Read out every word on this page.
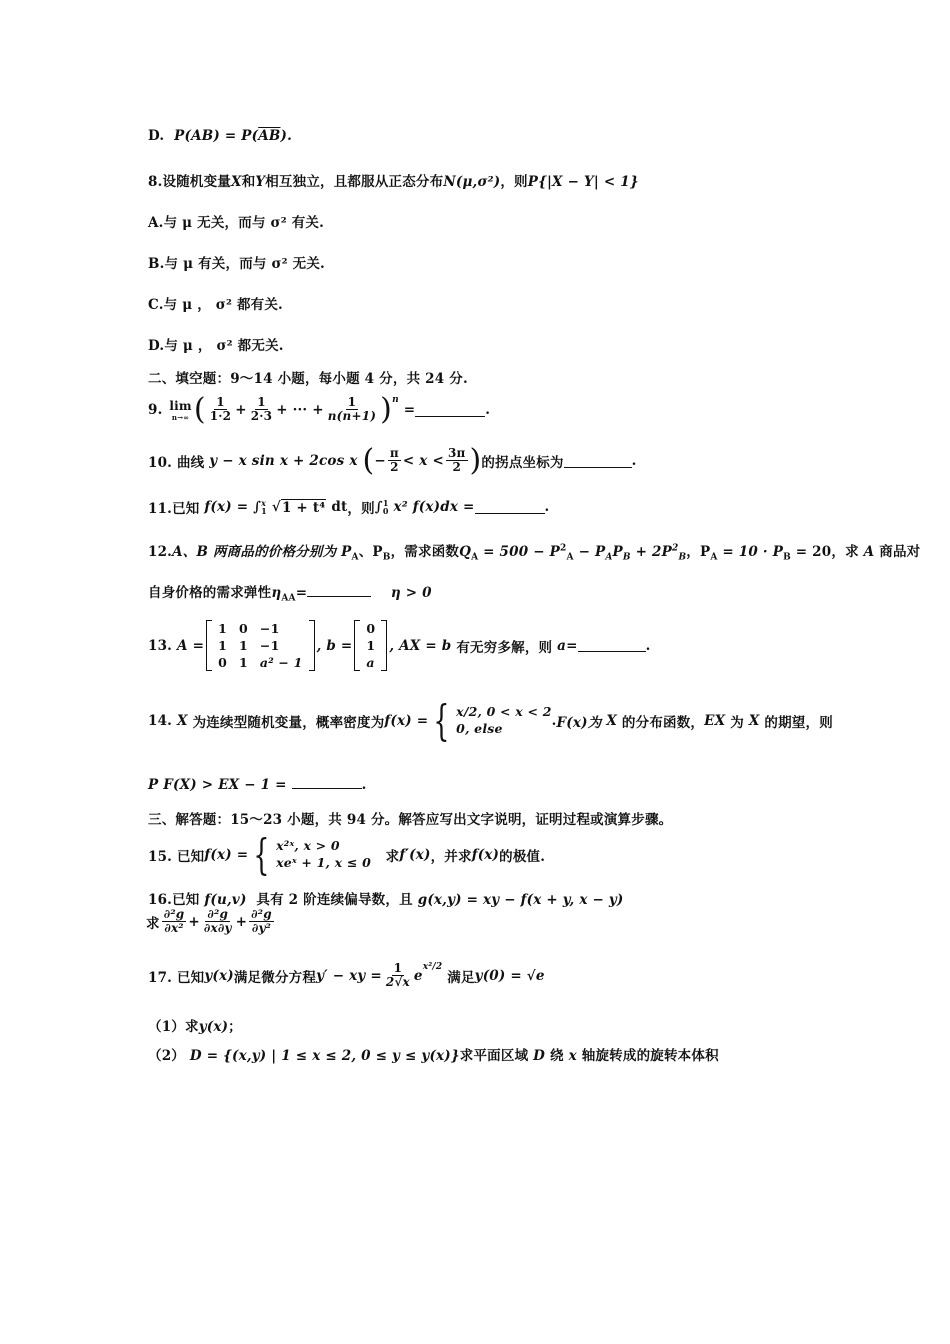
D.  $P(AB) = P(\overline{AB})$.
8.设随机变量X和Y相互独立，且都服从正态分布N(μ,σ²)，则P{|X − Y| < 1}
A.与 μ 无关，而与 σ² 有关.
B.与 μ 有关，而与 σ² 无关.
C.与 μ ， σ² 都有关.
D.与 μ ， σ² 都无关.
二、填空题：9～14 小题，每小题 4 分，共 24 分.
9.
lim
n→∞ ( $\frac{1}{1\cdot 2} + \frac{1}{2\cdot 3}$ + ··· + $\frac{1}{n(n+1)} )^n$

=	.
10. 曲线
y − x sin x + 2cos x
( − $\frac{\pi}{2} < x < \frac{3\pi}{2}$ ) 的拐点坐标为	.
11.已知
f(x) = ∫ x
1 √ 1 + t⁴
dt ，则 ∫ 1
0
x² f(x)dx =	.
12.A、B 两商品的价格分别为 $P_A$、$P_B$，需求函数$Q_A = 500 - P^2_A - P_AP_B + 2P^2_B$，$P_A = 10 \cdot P_B = 20$，求 A 商品对
自身价格的需求弹性$\eta_{AA}=$	η > 0
13.
A =
1	0	−1
1	1	−1
0	1	a² − 1
, b =
0
1
a
, AX = b
有无穷多解，则
a=	.
14.
X
为连续型随机变量，概率密度为 f(x) = { x/2, 0 < x < 2
0, else	. F(x)为
X
的分布函数， EX
为
X
的期望，则
P F(X) > EX − 1 =	.
三、解答题：15～23 小题，共 94 分。解答应写出文字说明，证明过程或演算步骤。
15. 已知 f(x) = { x²ˣ, x > 0
xeˣ + 1, x ≤ 0
求 f′(x) ，并求 f(x) 的极值.
16.已知 f(u,v) 具有 2 阶连续偏导数，且 g(x,y) = xy − f(x + y, x − y)
求 $\frac{\text{∂²g}}{\text{∂x²}} + \frac{\text{∂²g}}{\partial x\partial y} + \frac{\text{∂²g}}{\text{∂y²}}$
17. 已知 y(x) 满足微分方程 y′ − xy = $\frac{1}{2√x}$ e
$^{x^2/2}$

满足 y(0) = √e
（1）求y(x)；
（2） D = {(x,y) | 1 ≤ x ≤ 2, 0 ≤ y ≤ y(x)}求平面区域 D 绕 x 轴旋转成的旋转本体积
